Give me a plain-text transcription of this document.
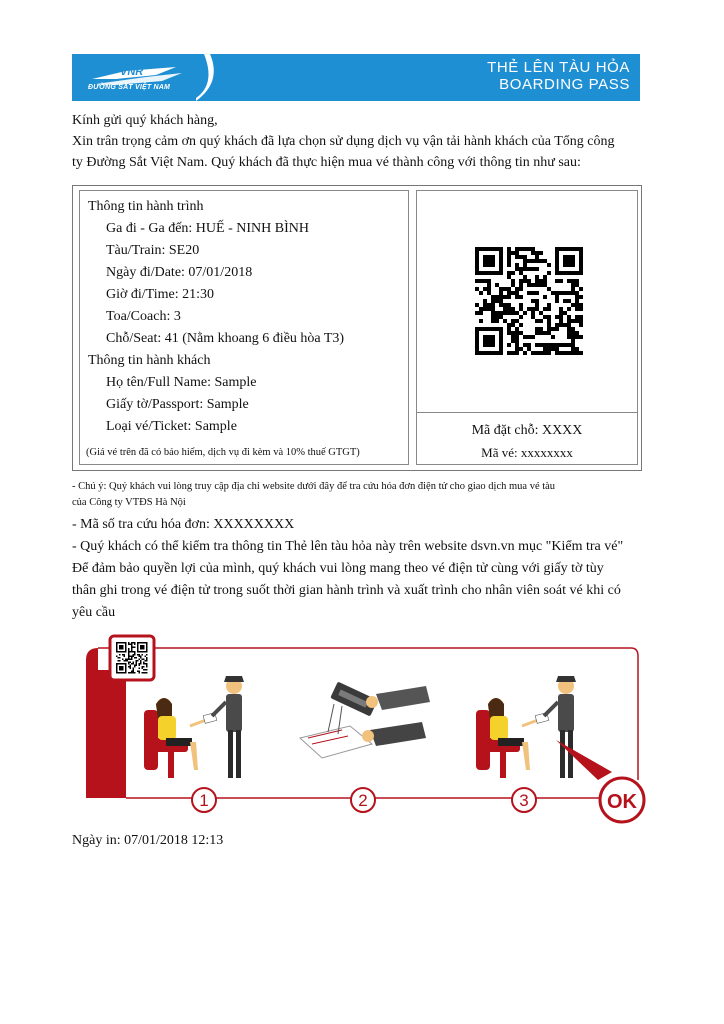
VNR
ĐƯỜNG SẮT VIỆT NAM
THẺ LÊN TÀU HỎA
BOARDING PASS

Kính gửi quý khách hàng,

Xin trân trọng cảm ơn quý khách đã lựa chọn sử dụng dịch vụ vận tải hành khách của Tổng công

ty Đường Sắt Việt Nam. Quý khách đã thực hiện mua vé thành công với thông tin như sau:

Thông tin hành trình
Ga đi - Ga đến: HUẾ - NINH BÌNH
Tàu/Train: SE20
Ngày đi/Date: 07/01/2018
Giờ đi/Time: 21:30
Toa/Coach: 3
Chỗ/Seat: 41 (Nằm khoang 6 điều hòa T3)
Thông tin hành khách
Họ tên/Full Name: Sample
Giấy tờ/Passport: Sample
Loại vé/Ticket: Sample
(Giá vé trên đã có bảo hiểm, dịch vụ đi kèm và 10% thuế GTGT)
Mã đặt chỗ: XXXX
Mã vé: xxxxxxxx

- Chú ý: Quý khách vui lòng truy cập địa chỉ website dưới đây để tra cứu hóa đơn điện tử cho giao dịch mua vé tàu

của Công ty VTĐS Hà Nội

- Mã số tra cứu hóa đơn: XXXXXXXX

- Quý khách có thể kiểm tra thông tin Thẻ lên tàu hỏa này trên website dsvn.vn mục "Kiểm tra vé"

Để đảm bảo quyền lợi của mình, quý khách vui lòng mang theo vé điện tử cùng với giấy tờ tùy

thân ghi trong vé điện tử trong suốt thời gian hành trình và xuất trình cho nhân viên soát vé khi có

yêu cầu

1	2	3	OK
Ngày in: 07/01/2018 12:13
